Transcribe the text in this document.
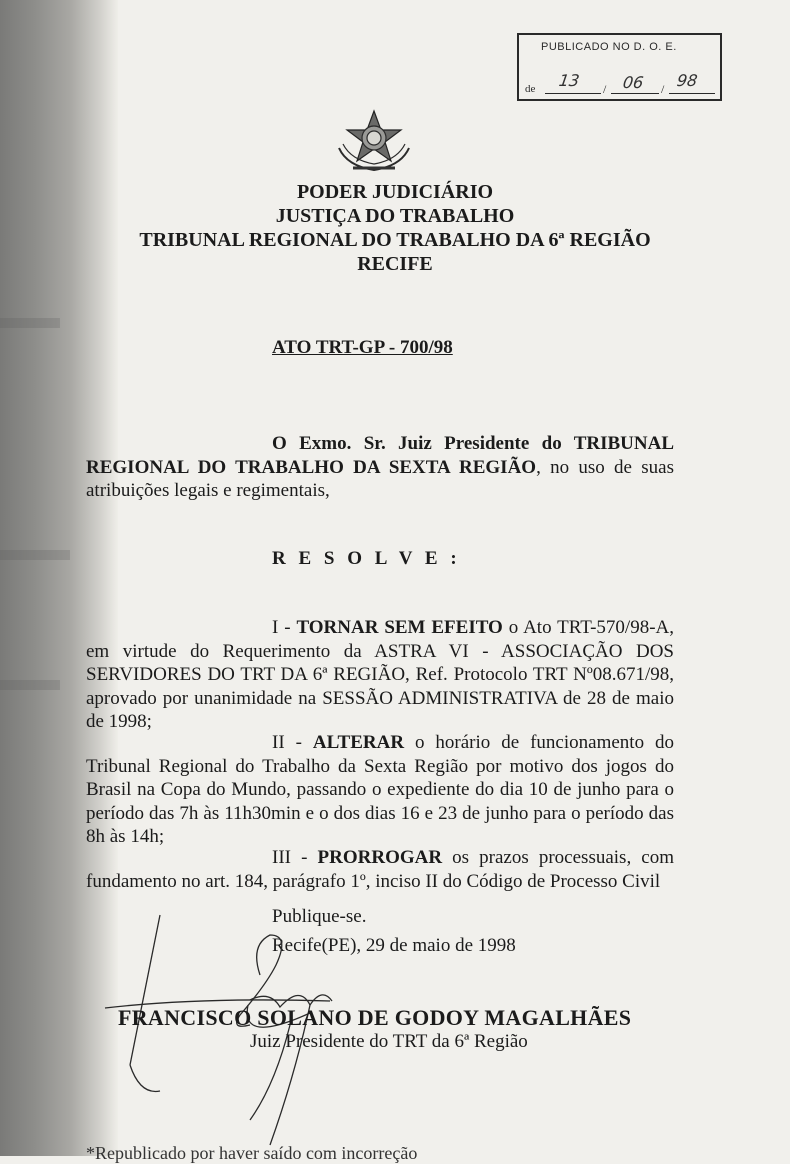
PUBLICADO NO D. O. E.
de 13 / 06 / 98
PODER JUDICIÁRIO
JUSTIÇA DO TRABALHO
TRIBUNAL REGIONAL DO TRABALHO DA 6ª REGIÃO
RECIFE
ATO TRT-GP - 700/98
O Exmo. Sr. Juiz Presidente do TRIBUNAL REGIONAL DO TRABALHO DA SEXTA REGIÃO, no uso de suas atribuições legais e regimentais,
R E S O L V E :
I - TORNAR SEM EFEITO o Ato TRT-570/98-A, em virtude do Requerimento da ASTRA VI - ASSOCIAÇÃO DOS SERVIDORES DO TRT DA 6ª REGIÃO, Ref. Protocolo TRT Nº08.671/98, aprovado por unanimidade na SESSÃO ADMINISTRATIVA de 28 de maio de 1998;
II - ALTERAR o horário de funcionamento do Tribunal Regional do Trabalho da Sexta Região por motivo dos jogos do Brasil na Copa do Mundo, passando o expediente do dia 10 de junho para o período das 7h às 11h30min e o dos dias 16 e 23 de junho para o período das 8h às 14h;
III - PRORROGAR os prazos processuais, com fundamento no art. 184, parágrafo 1º, inciso II do Código de Processo Civil
Publique-se.
Recife(PE), 29 de maio de 1998
FRANCISCO SOLANO DE GODOY MAGALHÃES
Juiz Presidente do TRT da 6ª Região
*Republicado por haver saído com incorreção
